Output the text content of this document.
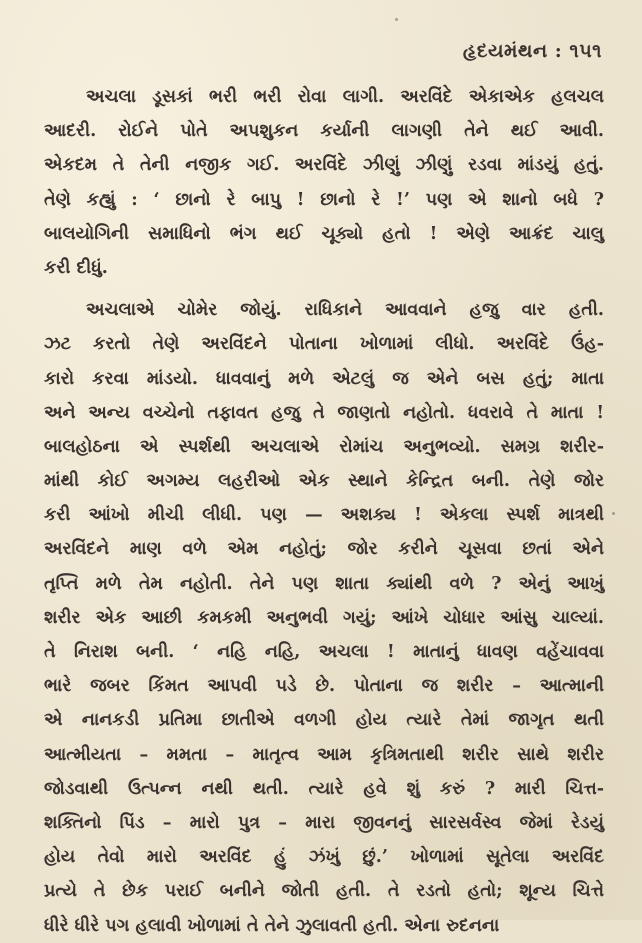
હૃદયમંથન : ૧૫૧
અચલા ડૂસકાં ભરી ભરી રોવા લાગી. અરવિંદે એકાએક હલચલ
આદરી. રોઈને પોતે અપશુકન કર્યાની લાગણી તેને થઈ આવી.
એકદમ તે તેની નજીક ગઈ. અરવિંદે ઝીણું ઝીણું રડવા માંડયું હતું.
તેણે કહ્યું : ‘ છાનો રે બાપુ ! છાનો રે !’ પણ એ શાનો બધે ?
બાલયોગિની સમાધિનો ભંગ થઈ ચૂક્યો હતો ! એણે આક્રંદ ચાલુ
કરી દીધું.
અચલાએ ચોમેર જોયું. રાધિકાને આવવાને હજુ વાર હતી.
ઝટ કરતો તેણે અરવિંદને પોતાના ખોળામાં લીધો. અરવિંદે ઉંહ-
કારો કરવા માંડયો. ધાવવાનું મળે એટલું જ એને બસ હતું; માતા
અને અન્ય વચ્ચેનો તફાવત હજુ તે જાણતો નહોતો. ધવરાવે તે માતા !
બાલહોઠના એ સ્પર્શથી અચલાએ રોમાંચ અનુભવ્યો. સમગ્ર શરીર-
માંથી કોઈ અગમ્ય લહરીઓ એક સ્થાને કેન્દ્રિત બની. તેણે જોર
કરી આંખો મીચી લીધી. પણ — અશક્ય ! એકલા સ્પર્શ માત્રથી
અરવિંદને માણ વળે એમ નહોતું; જોર કરીને ચૂસવા છતાં એને
તૃપ્તિ મળે તેમ નહોતી. તેને પણ શાતા ક્યાંથી વળે ? એનું આખું
શરીર એક આછી કમકમી અનુભવી ગયું; આંખે ચોધાર આંસુ ચાલ્યાં.
તે નિરાશ બની. ‘ નહિ નહિ, અચલા ! માતાનું ધાવણ વહેંચાવવા
ભારે જબર કિંમત આપવી પડે છે. પોતાના જ શરીર – આત્માની
એ નાનકડી પ્રતિમા છાતીએ વળગી હોય ત્યારે તેમાં જાગૃત થતી
આત્મીયતા – મમતા – માતૃત્વ આમ કૃત્રિમતાથી શરીર સાથે શરીર
જોડવાથી ઉત્પન્ન નથી થતી. ત્યારે હવે શું કરું ? મારી ચિત્ત-
શક્તિનો પિંડ – મારો પુત્ર – મારા જીવનનું સારસર્વસ્વ જેમાં રેડયું
હોય તેવો મારો અરવિંદ હું ઝંખું છું.’ ખોળામાં સૂતેલા અરવિંદ
પ્રત્યે તે છેક પરાઈ બનીને જોતી હતી. તે રડતો હતો; શૂન્ય ચિત્તે
ધીરે ધીરે પગ હલાવી ખોળામાં તે તેને ઝુલાવતી હતી. એના રુદનના
